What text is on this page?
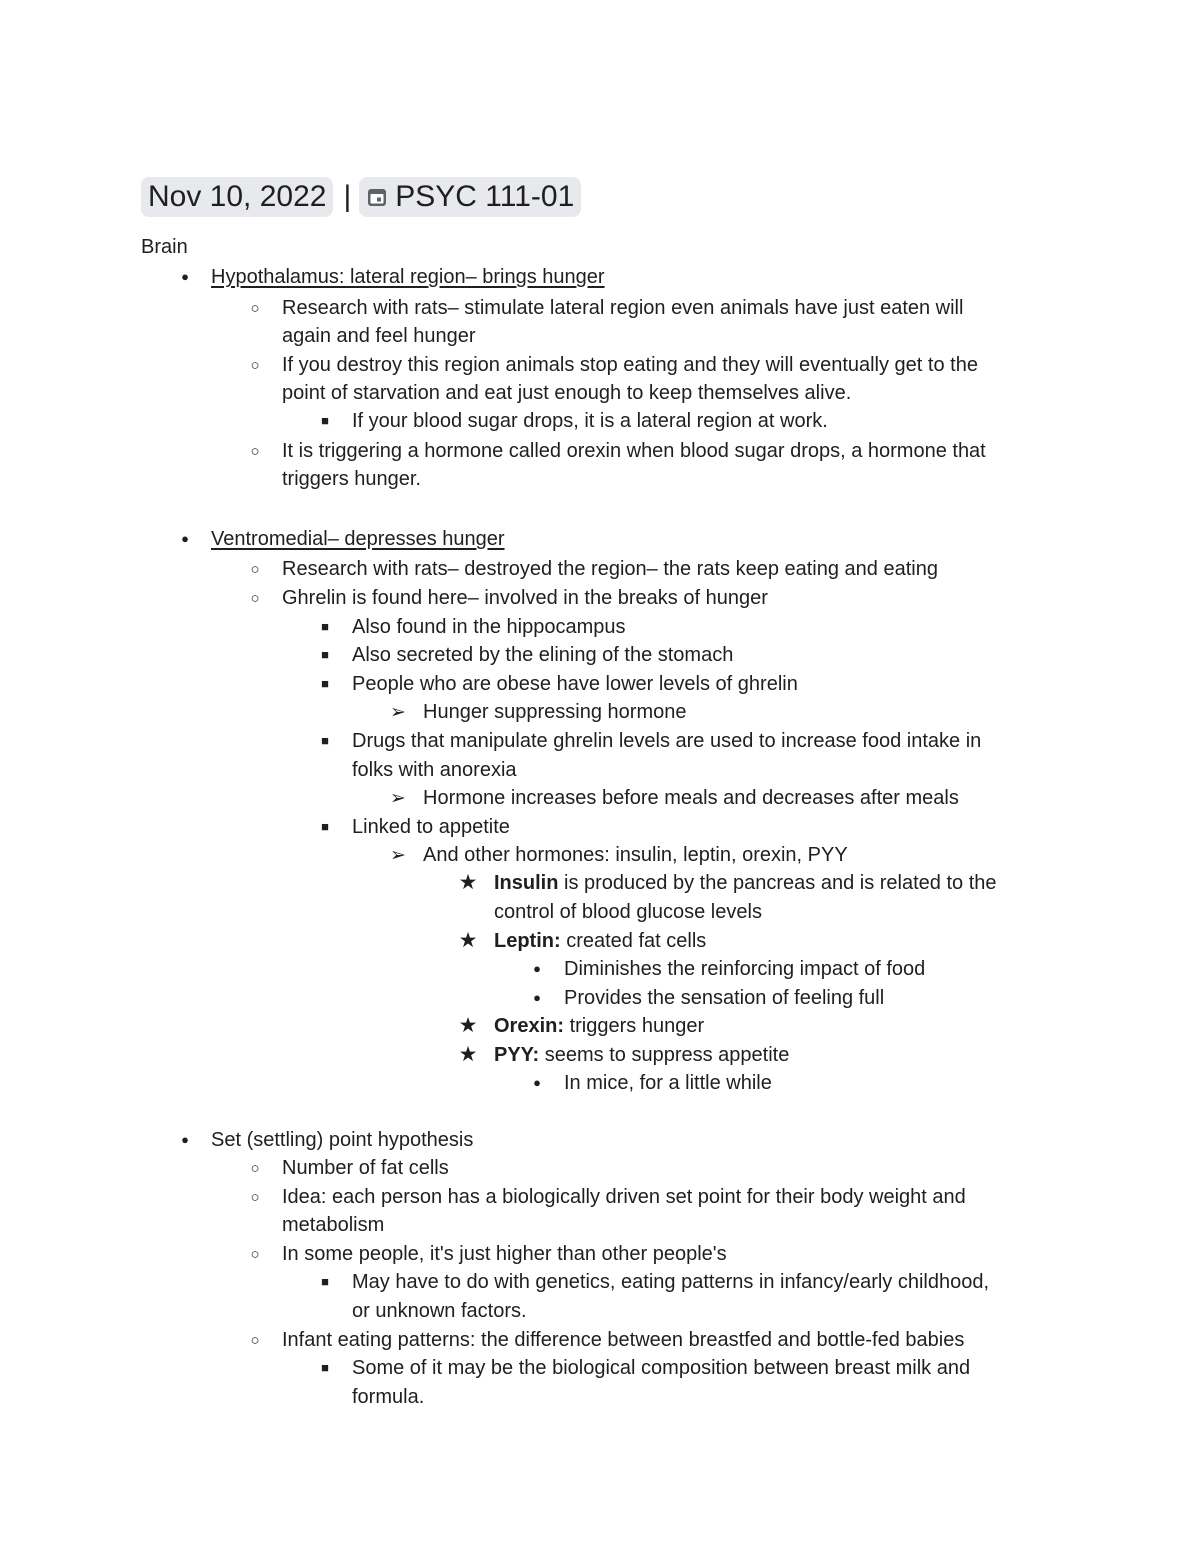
Nov 10, 2022 | PSYC 111-01
Brain
●
Hypothalamus: lateral region– brings hunger
○
Research with rats– stimulate lateral region even animals have just eaten will
again and feel hunger
○
If you destroy this region animals stop eating and they will eventually get to the
point of starvation and eat just enough to keep themselves alive.
■
If your blood sugar drops, it is a lateral region at work.
○
It is triggering a hormone called orexin when blood sugar drops, a hormone that
triggers hunger.
●
Ventromedial– depresses hunger
○
Research with rats– destroyed the region– the rats keep eating and eating
○
Ghrelin is found here– involved in the breaks of hunger
■
Also found in the hippocampus
■
Also secreted by the elining of the stomach
■
People who are obese have lower levels of ghrelin
➢
Hunger suppressing hormone
■
Drugs that manipulate ghrelin levels are used to increase food intake in
folks with anorexia
➢
Hormone increases before meals and decreases after meals
■
Linked to appetite
➢
And other hormones: insulin, leptin, orexin, PYY
★
Insulin is produced by the pancreas and is related to the
control of blood glucose levels
★
Leptin: created fat cells
●
Diminishes the reinforcing impact of food
●
Provides the sensation of feeling full
★
Orexin: triggers hunger
★
PYY: seems to suppress appetite
●
In mice, for a little while
●
Set (settling) point hypothesis
○
Number of fat cells
○
Idea: each person has a biologically driven set point for their body weight and
metabolism
○
In some people, it's just higher than other people's
■
May have to do with genetics, eating patterns in infancy/early childhood,
or unknown factors.
○
Infant eating patterns: the difference between breastfed and bottle-fed babies
■
Some of it may be the biological composition between breast milk and
formula.
